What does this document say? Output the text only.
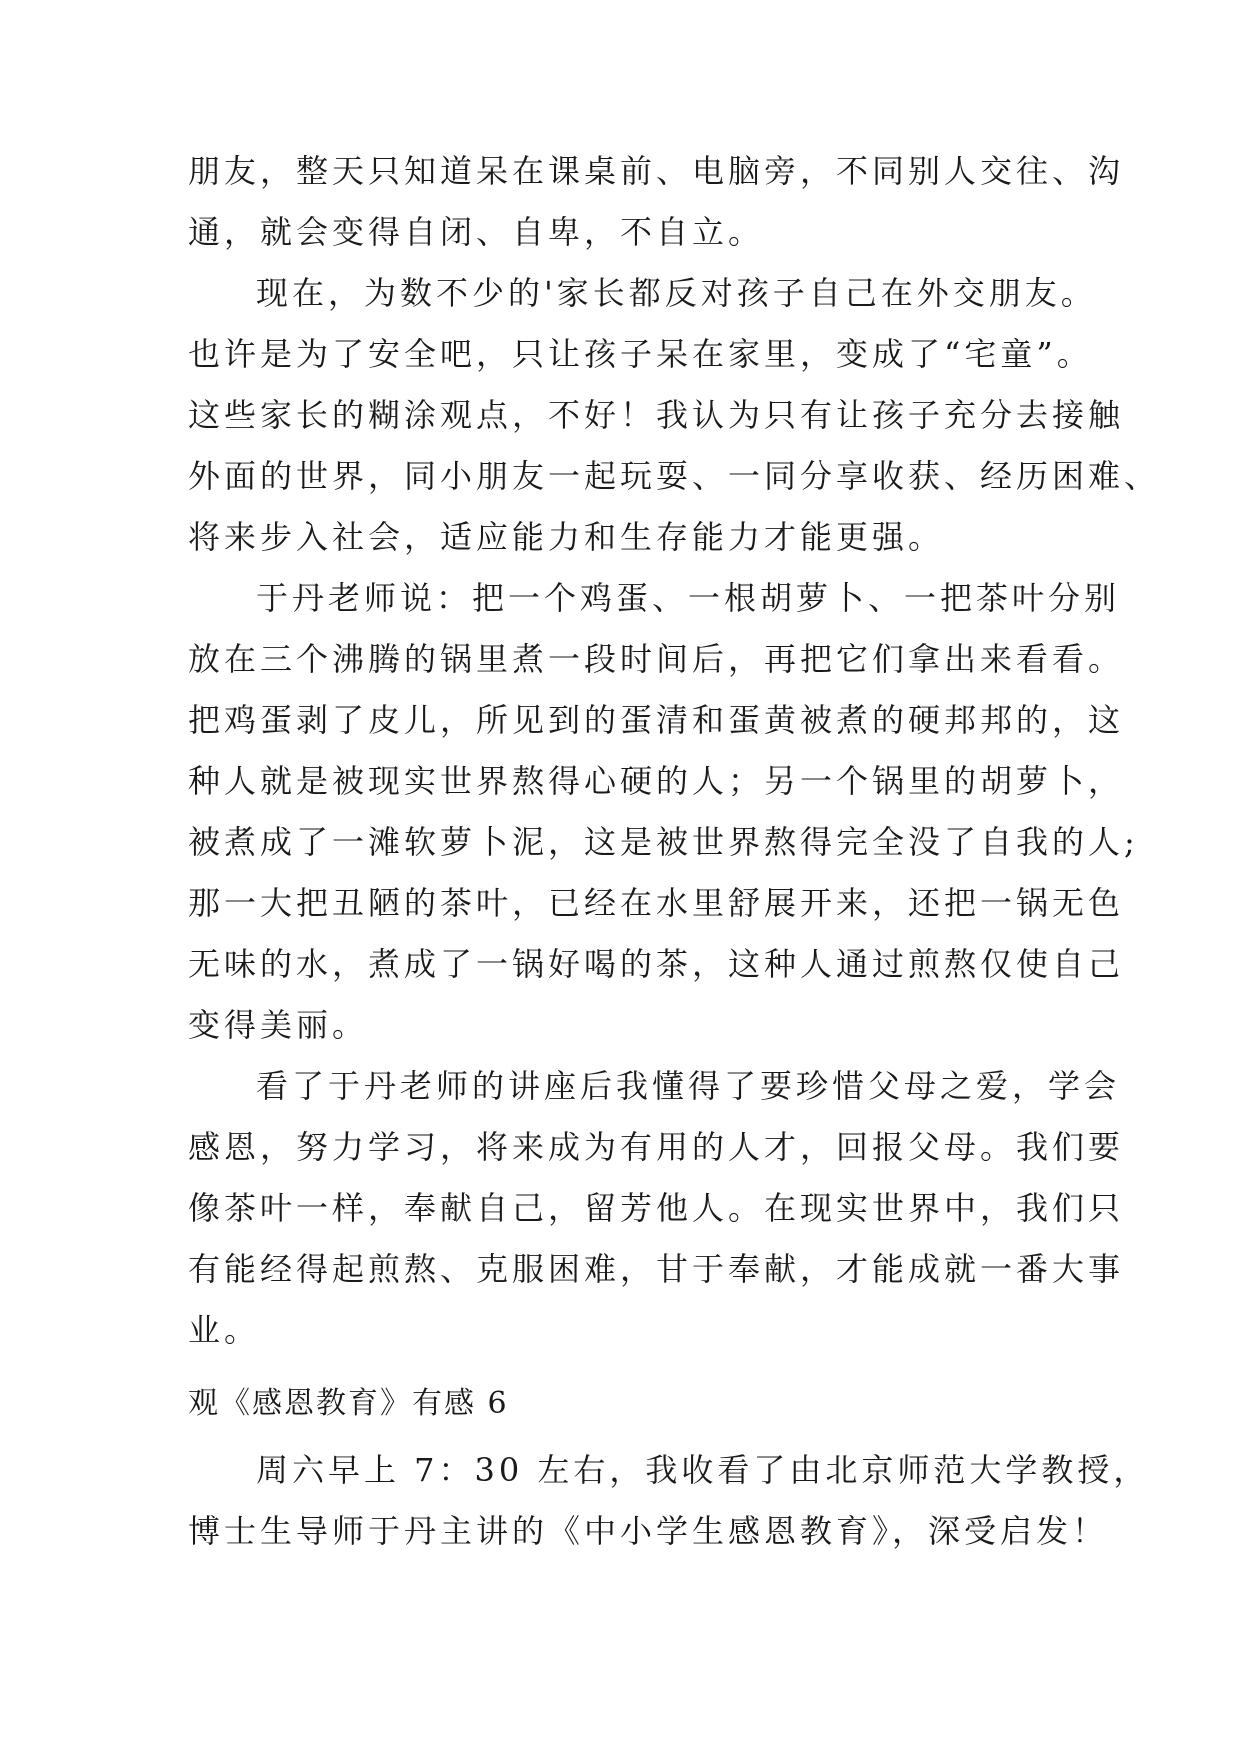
朋友，整天只知道呆在课桌前、电脑旁，不同别人交往、沟
通，就会变得自闭、自卑，不自立。
现在，为数不少的'家长都反对孩子自己在外交朋友。
也许是为了安全吧，只让孩子呆在家里，变成了“宅童”。
这些家长的糊涂观点，不好！我认为只有让孩子充分去接触
外面的世界，同小朋友一起玩耍、一同分享收获、经历困难、
将来步入社会，适应能力和生存能力才能更强。
于丹老师说：把一个鸡蛋、一根胡萝卜、一把茶叶分别
放在三个沸腾的锅里煮一段时间后，再把它们拿出来看看。
把鸡蛋剥了皮儿，所见到的蛋清和蛋黄被煮的硬邦邦的，这
种人就是被现实世界熬得心硬的人；另一个锅里的胡萝卜，
被煮成了一滩软萝卜泥，这是被世界熬得完全没了自我的人;
那一大把丑陋的茶叶，已经在水里舒展开来，还把一锅无色
无味的水，煮成了一锅好喝的茶，这种人通过煎熬仅使自己
变得美丽。
看了于丹老师的讲座后我懂得了要珍惜父母之爱，学会
感恩，努力学习，将来成为有用的人才，回报父母。我们要
像茶叶一样，奉献自己，留芳他人。在现实世界中，我们只
有能经得起煎熬、克服困难，甘于奉献，才能成就一番大事
业。
观《感恩教育》有感 6
周六早上 7：30 左右，我收看了由北京师范大学教授，
博士生导师于丹主讲的《中小学生感恩教育》，深受启发！
